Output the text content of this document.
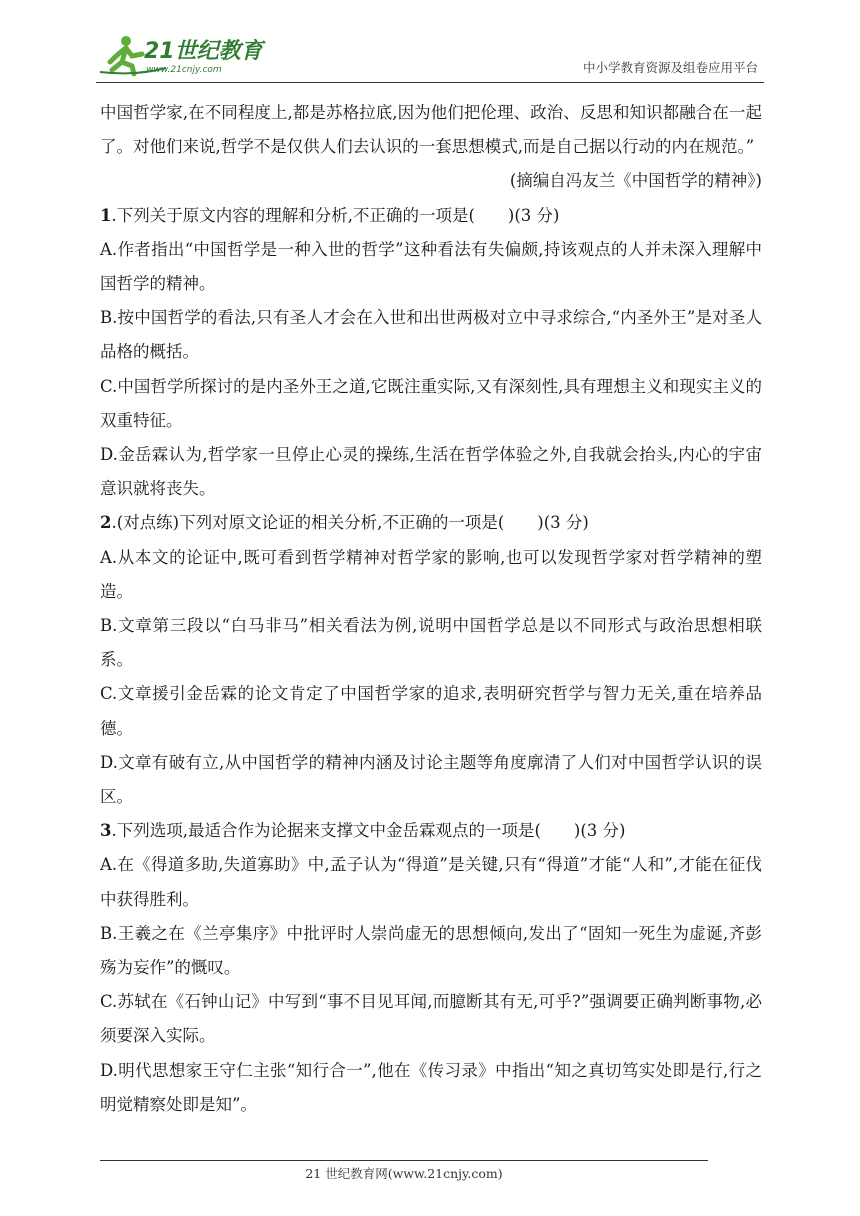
21世纪教育
www.21cnjy.com	中小学教育资源及组卷应用平台

中国哲学家,在不同程度上,都是苏格拉底,因为他们把伦理、政治、反思和知识都融合在一起了。对他们来说,哲学不是仅供人们去认识的一套思想模式,而是自己据以行动的内在规范。”

(摘编自冯友兰《中国哲学的精神》)

1.下列关于原文内容的理解和分析,不正确的一项是(　　)(3 分)

A.作者指出“中国哲学是一种入世的哲学”这种看法有失偏颇,持该观点的人并未深入理解中国哲学的精神。

B.按中国哲学的看法,只有圣人才会在入世和出世两极对立中寻求综合,“内圣外王”是对圣人品格的概括。

C.中国哲学所探讨的是内圣外王之道,它既注重实际,又有深刻性,具有理想主义和现实主义的双重特征。

D.金岳霖认为,哲学家一旦停止心灵的操练,生活在哲学体验之外,自我就会抬头,内心的宇宙意识就将丧失。

2.(对点练)下列对原文论证的相关分析,不正确的一项是(　　)(3 分)

A.从本文的论证中,既可看到哲学精神对哲学家的影响,也可以发现哲学家对哲学精神的塑造。

B.文章第三段以“白马非马”相关看法为例,说明中国哲学总是以不同形式与政治思想相联系。

C.文章援引金岳霖的论文肯定了中国哲学家的追求,表明研究哲学与智力无关,重在培养品德。

D.文章有破有立,从中国哲学的精神内涵及讨论主题等角度廓清了人们对中国哲学认识的误区。

3.下列选项,最适合作为论据来支撑文中金岳霖观点的一项是(　　)(3 分)

A.在《得道多助,失道寡助》中,孟子认为“得道”是关键,只有“得道”才能“人和”,才能在征伐中获得胜利。

B.王羲之在《兰亭集序》中批评时人崇尚虚无的思想倾向,发出了“固知一死生为虚诞,齐彭殇为妄作”的慨叹。

C.苏轼在《石钟山记》中写到“事不目见耳闻,而臆断其有无,可乎?”强调要正确判断事物,必须要深入实际。

D.明代思想家王守仁主张“知行合一”,他在《传习录》中指出“知之真切笃实处即是行,行之明觉精察处即是知”。

21 世纪教育网(www.21cnjy.com)
